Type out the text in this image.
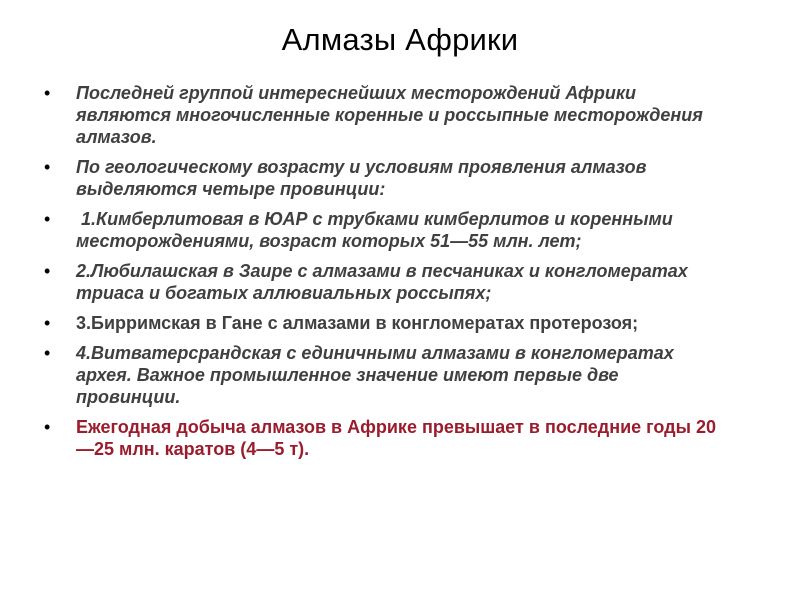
Алмазы Африки
• Последней группой интереснейших месторождений Африки являются многочисленные коренные и россыпные месторождения алмазов.
• По геологическому возрасту и условиям проявления алмазов выделяются четыре провинции:
• 1.Кимберлитовая в ЮАР с трубками кимберлитов и коренными месторождениями, возраст которых 51—55 млн. лет;
• 2.Любилашская в Заире с алмазами в песчаниках и конгломератах триаса и богатых аллювиальных россыпях;
• 3.Бирримская в Гане с алмазами в конгломератах протерозоя;
• 4.Витватерсрандская с единичными алмазами в конгломератах архея. Важное промышленное значение имеют первые две провинции.
• Ежегодная добыча алмазов в Африке превышает в последние годы 20—25 млн. каратов (4—5 т).
